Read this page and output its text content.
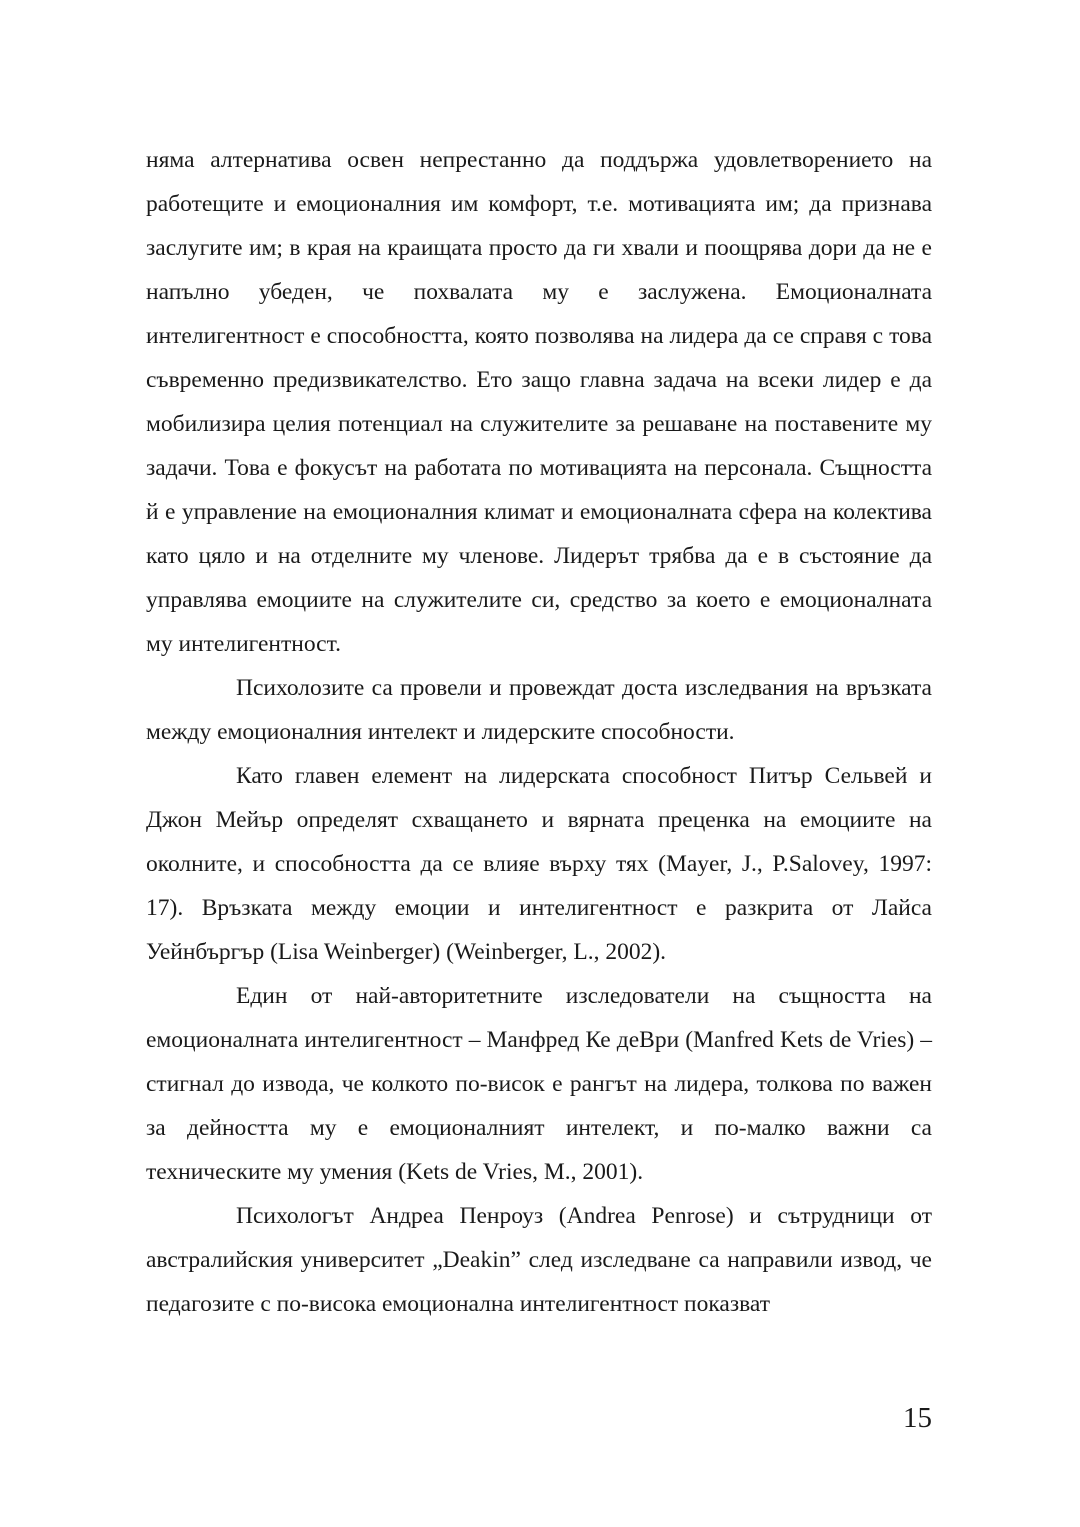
няма алтернатива освен непрестанно да поддържа удовлетворението на работещите и емоционалния им комфорт, т.е. мотивацията им; да признава заслугите им; в края на краищата просто да ги хвали и поощрява дори да не е напълно убеден, че похвалата му е заслужена. Емоционалната интелигентност е способността, която позволява на лидера да се справя с това съвременно предизвикателство. Ето защо главна задача на всеки лидер е да мобилизира целия потенциал на служителите за решаване на поставените му задачи. Това е фокусът на работата по мотивацията на персонала. Същността й е управление на емоционалния климат и емоционалната сфера на колектива като цяло и на отделните му членове. Лидерът трябва да е в състояние да управлява емоциите на служителите си, средство за което е емоционалната му интелигентност.

Психолозите са провели и провеждат доста изследвания на връзката между емоционалния интелект и лидерските способности.

Като главен елемент на лидерската способност Питър Сельвей и Джон Мейър определят схващането и вярната преценка на емоциите на околните, и способността да се влияе върху тях (Mayer, J., P.Salovey, 1997: 17). Връзката между емоции и интелигентност е разкрита от Лайса Уейнбъргър (Lisa Weinberger) (Weinberger, L., 2002).

Един от най-авторитетните изследователи на същността на емоционалната интелигентност – Манфред Ке деВри (Manfred Kets de Vries) – стигнал до извода, че колкото по-висок е рангът на лидера, толкова по важен за дейността му е емоционалният интелект, и по-малко важни са техническите му умения (Kets de Vries, M., 2001).

Психологът Андреа Пенроуз (Andrea Penrose) и сътрудници от австралийския университет „Deakin” след изследване са направили извод, че педагозите с по-висока емоционална интелигентност показват

15
